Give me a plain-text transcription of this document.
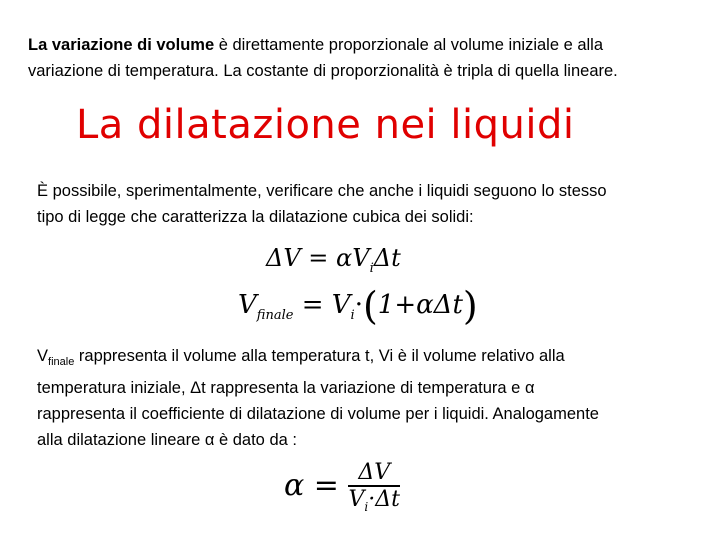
La variazione di volume è direttamente proporzionale al volume iniziale e alla
variazione di temperatura. La costante di proporzionalità è tripla di quella lineare.
La dilatazione nei liquidi
È possibile, sperimentalmente, verificare che anche i liquidi seguono lo stesso
tipo di legge che caratterizza la dilatazione cubica dei solidi:
$\Delta V = \alpha V_i\Delta t$
$V_{finale} = V_i\cdot(1+\alpha\Delta t)$
$V_{finale}$ rappresenta il volume alla temperatura t, Vi è il volume relativo alla
temperatura iniziale, Δt rappresenta la variazione di temperatura e α
rappresenta il coefficiente di dilatazione di volume per i liquidi. Analogamente
alla dilatazione lineare α è dato da :
$\alpha = \frac{\Delta V}{V_i\cdot\Delta t}$
